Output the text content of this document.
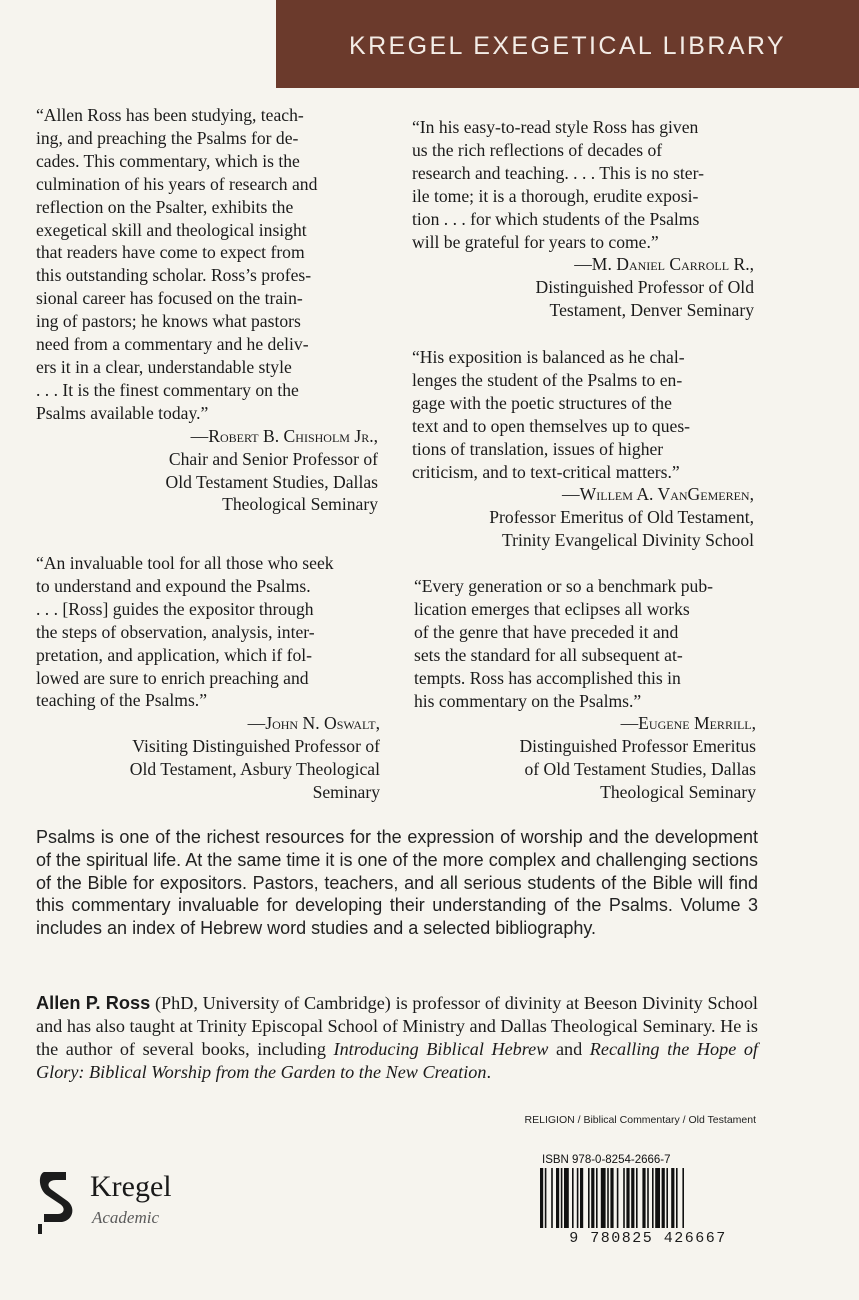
KREGEL EXEGETICAL LIBRARY
“Allen Ross has been studying, teach-
ing, and preaching the Psalms for de-
cades. This commentary, which is the
culmination of his years of research and
reflection on the Psalter, exhibits the
exegetical skill and theological insight
that readers have come to expect from
this outstanding scholar. Ross’s profes-
sional career has focused on the train-
ing of pastors; he knows what pastors
need from a commentary and he deliv-
ers it in a clear, understandable style
. . . It is the finest commentary on the
Psalms available today.”
—Robert B. Chisholm Jr.,
Chair and Senior Professor of
Old Testament Studies, Dallas
Theological Seminary
“An invaluable tool for all those who seek
to understand and expound the Psalms.
. . . [Ross] guides the expositor through
the steps of observation, analysis, inter-
pretation, and application, which if fol-
lowed are sure to enrich preaching and
teaching of the Psalms.”
—John N. Oswalt,
Visiting Distinguished Professor of
Old Testament, Asbury Theological
Seminary
“In his easy-to-read style Ross has given
us the rich reflections of decades of
research and teaching. . . . This is no ster-
ile tome; it is a thorough, erudite exposi-
tion . . . for which students of the Psalms
will be grateful for years to come.”
—M. Daniel Carroll R.,
Distinguished Professor of Old
Testament, Denver Seminary
“His exposition is balanced as he chal-
lenges the student of the Psalms to en-
gage with the poetic structures of the
text and to open themselves up to ques-
tions of translation, issues of higher
criticism, and to text-critical matters.”
—Willem A. VanGemeren,
Professor Emeritus of Old Testament,
Trinity Evangelical Divinity School
“Every generation or so a benchmark pub-
lication emerges that eclipses all works
of the genre that have preceded it and
sets the standard for all subsequent at-
tempts. Ross has accomplished this in
his commentary on the Psalms.”
—Eugene Merrill,
Distinguished Professor Emeritus
of Old Testament Studies, Dallas
Theological Seminary

Psalms is one of the richest resources for the expression of worship and the development of the spiritual life. At the same time it is one of the more complex and challenging sections of the Bible for expositors. Pastors, teachers, and all serious students of the Bible will find this commentary invaluable for developing their understanding of the Psalms. Volume 3 includes an index of Hebrew word studies and a selected bibliography.

Allen P. Ross (PhD, University of Cambridge) is professor of divinity at Beeson Divinity School and has also taught at Trinity Episcopal School of Ministry and Dallas Theological Seminary. He is the author of several books, including Introducing Biblical Hebrew and Recalling the Hope of Glory: Biblical Worship from the Garden to the New Creation.

RELIGION / Biblical Commentary / Old Testament
Kregel
Academic
ISBN 978-0-8254-2666-7
9 780825 426667
